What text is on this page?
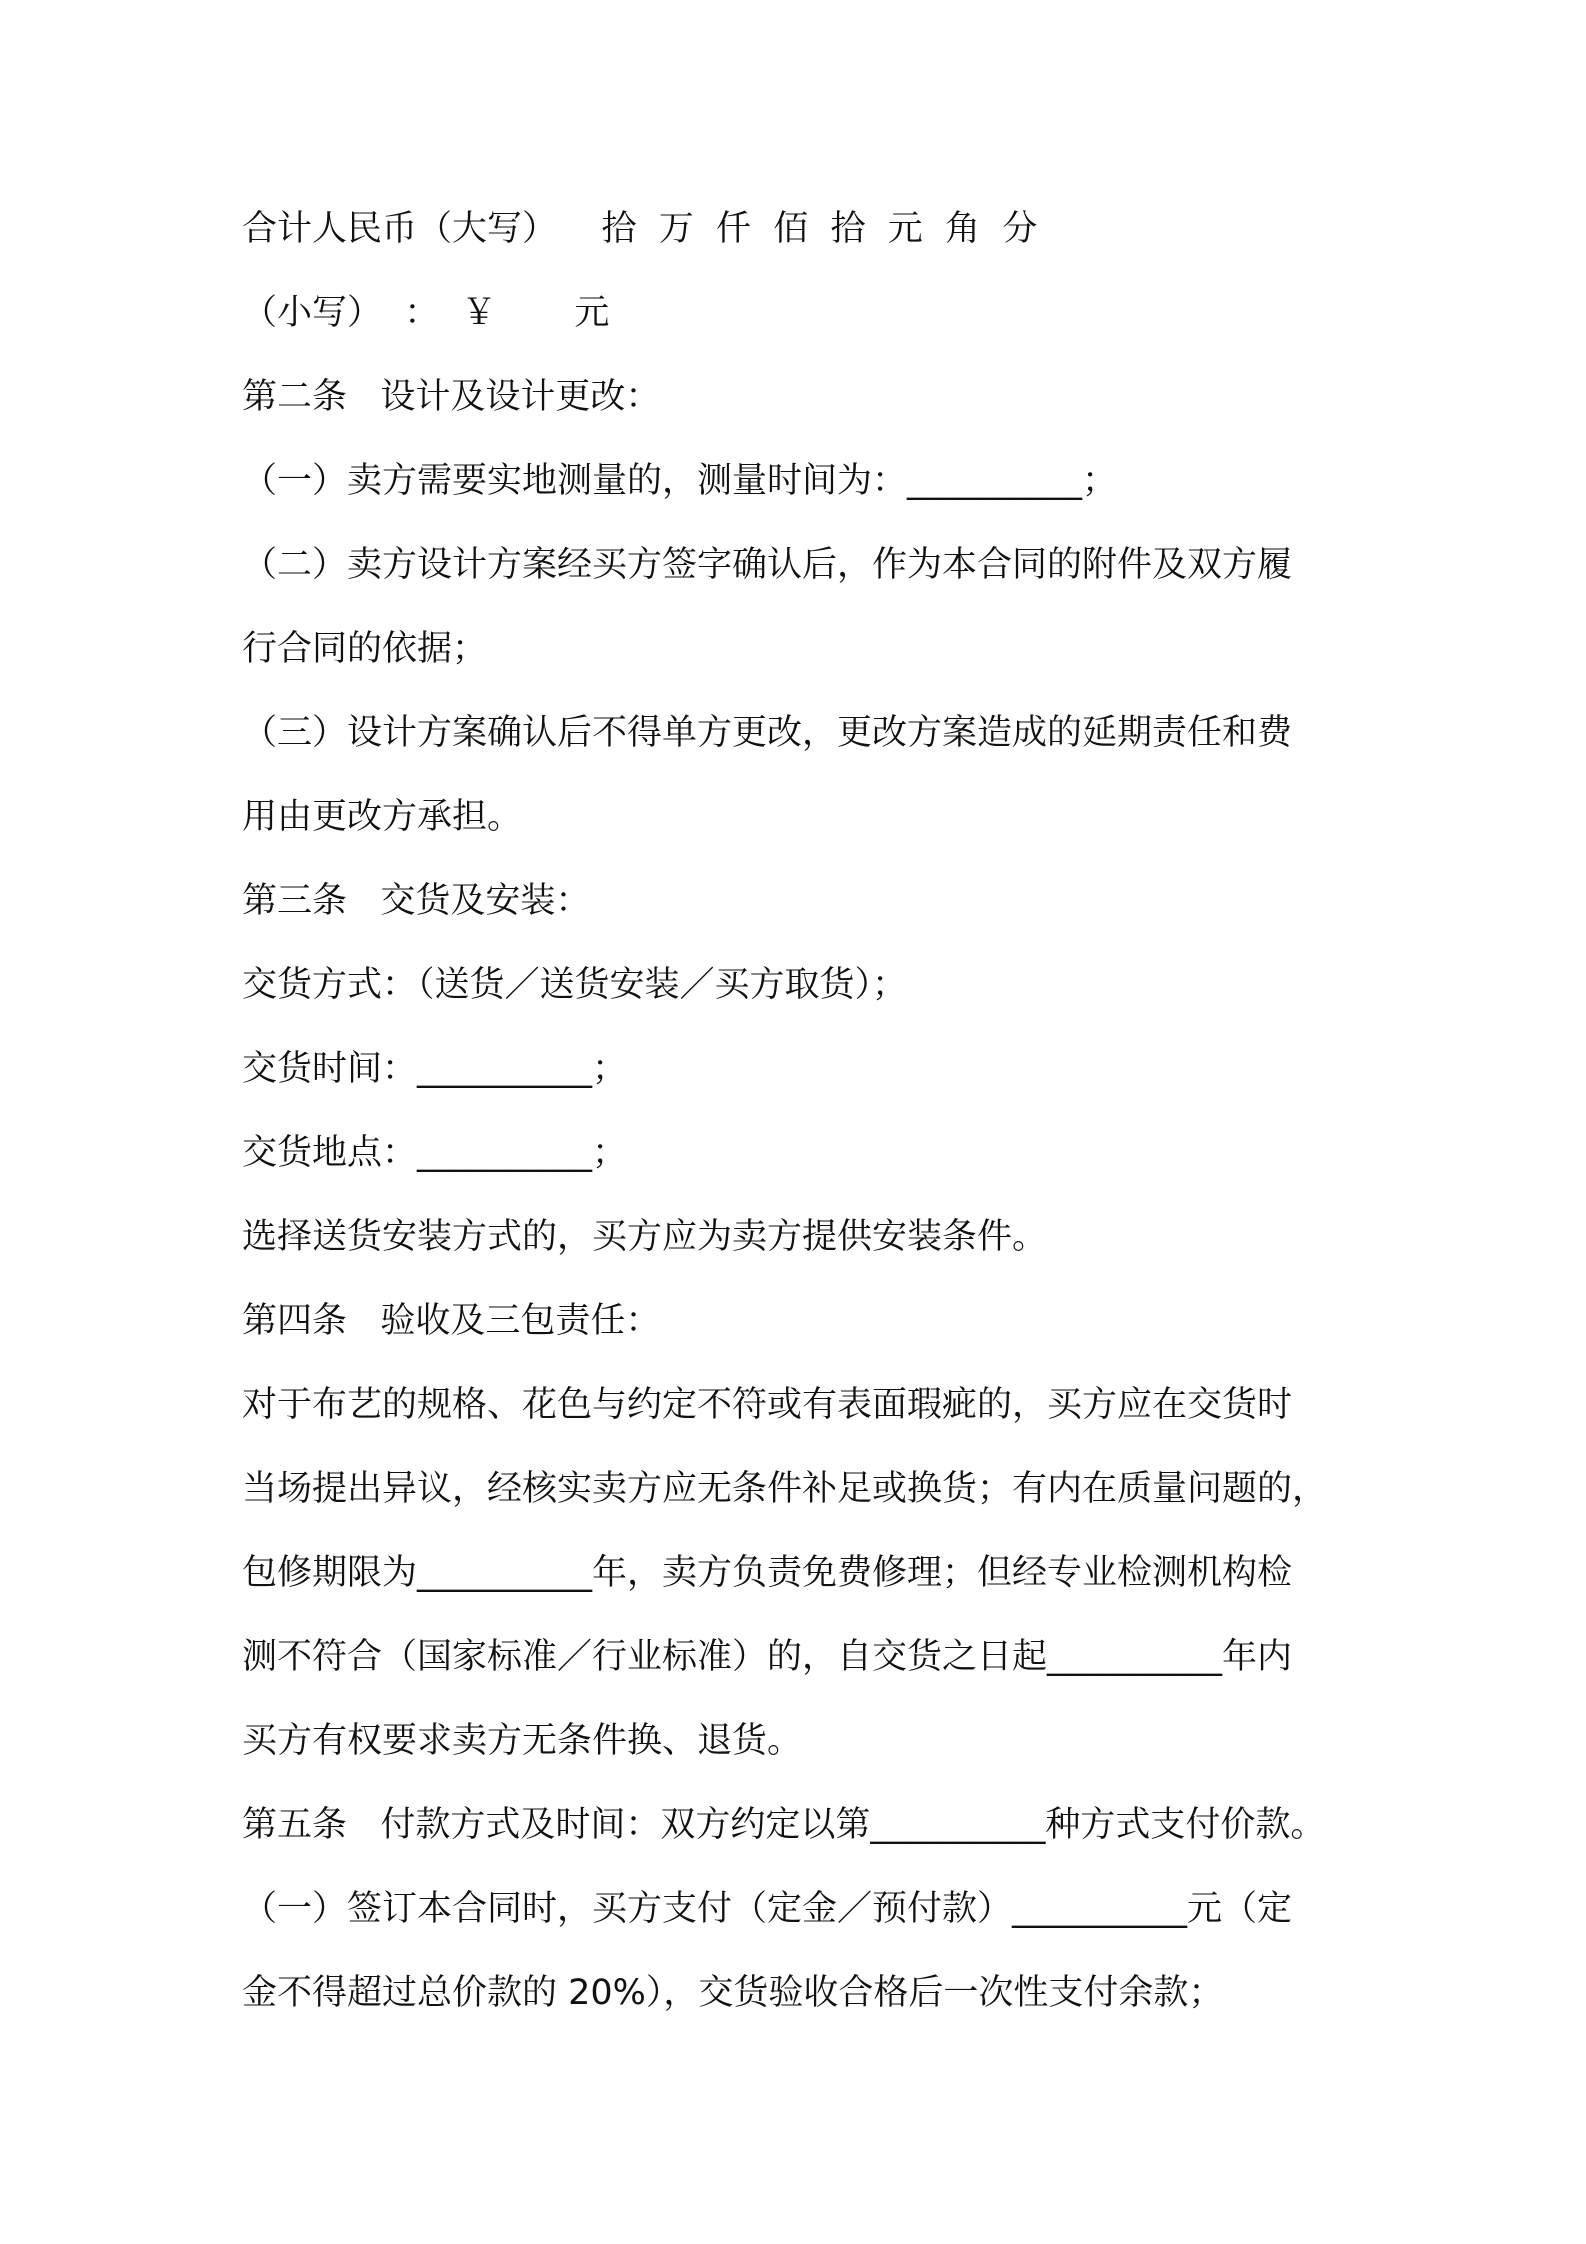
合计人民币（大写）    拾  万  仟  佰  拾  元  角  分
（小写）  ：  ￥       元
第二条   设计及设计更改：
（一）卖方需要实地测量的，测量时间为：__________；
（二）卖方设计方案经买方签字确认后，作为本合同的附件及双方履
行合同的依据；
（三）设计方案确认后不得单方更改，更改方案造成的延期责任和费
用由更改方承担。
第三条   交货及安装：
交货方式：（送货／送货安装／买方取货）；
交货时间：__________；
交货地点：__________；
选择送货安装方式的，买方应为卖方提供安装条件。
第四条   验收及三包责任：
对于布艺的规格、花色与约定不符或有表面瑕疵的，买方应在交货时
当场提出异议，经核实卖方应无条件补足或换货；有内在质量问题的，
包修期限为__________年，卖方负责免费修理；但经专业检测机构检
测不符合（国家标准／行业标准）的，自交货之日起__________年内
买方有权要求卖方无条件换、退货。
第五条   付款方式及时间：双方约定以第__________种方式支付价款。
（一）签订本合同时，买方支付（定金／预付款）__________元（定
金不得超过总价款的 20%），交货验收合格后一次性支付余款；
